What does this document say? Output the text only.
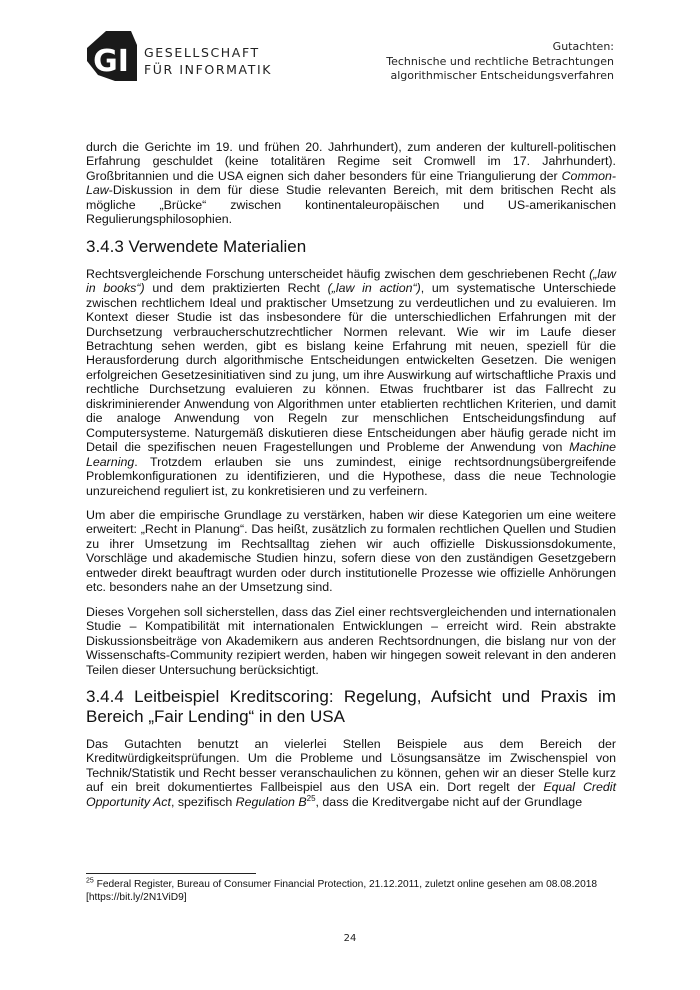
GI GESELLSCHAFT
FÜR INFORMATIK
Gutachten:
Technische und rechtliche Betrachtungen
algorithmischer Entscheidungsverfahren

durch die Gerichte im 19. und frühen 20. Jahrhundert), zum anderen der kulturell-politischen Erfahrung geschuldet (keine totalitären Regime seit Cromwell im 17. Jahrhundert). Großbritannien und die USA eignen sich daher besonders für eine Triangulierung der Common-Law-Diskussion in dem für diese Studie relevanten Bereich, mit dem britischen Recht als mögliche „Brücke“ zwischen kontinentaleuropäischen und US-amerikanischen Regulierungsphilosophien.

3.4.3 Verwendete Materialien

Rechtsvergleichende Forschung unterscheidet häufig zwischen dem geschriebenen Recht („law in books“) und dem praktizierten Recht („law in action“), um systematische Unterschiede zwischen rechtlichem Ideal und praktischer Umsetzung zu verdeutlichen und zu evaluieren. Im Kontext dieser Studie ist das insbesondere für die unterschiedlichen Erfahrungen mit der Durchsetzung verbraucherschutzrechtlicher Normen relevant. Wie wir im Laufe dieser Betrachtung sehen werden, gibt es bislang keine Erfahrung mit neuen, speziell für die Herausforderung durch algorithmische Entscheidungen entwickelten Gesetzen. Die wenigen erfolgreichen Gesetzesinitiativen sind zu jung, um ihre Auswirkung auf wirtschaftliche Praxis und rechtliche Durchsetzung evaluieren zu können. Etwas fruchtbarer ist das Fallrecht zu diskriminierender Anwendung von Algorithmen unter etablierten rechtlichen Kriterien, und damit die analoge Anwendung von Regeln zur menschlichen Entscheidungsfindung auf Computersysteme. Naturgemäß diskutieren diese Entscheidungen aber häufig gerade nicht im Detail die spezifischen neuen Fragestellungen und Probleme der Anwendung von Machine Learning. Trotzdem erlauben sie uns zumindest, einige rechtsordnungsübergreifende Problemkonfigurationen zu identifizieren, und die Hypothese, dass die neue Technologie unzureichend reguliert ist, zu konkretisieren und zu verfeinern.

Um aber die empirische Grundlage zu verstärken, haben wir diese Kategorien um eine weitere erweitert: „Recht in Planung“. Das heißt, zusätzlich zu formalen rechtlichen Quellen und Studien zu ihrer Umsetzung im Rechtsalltag ziehen wir auch offizielle Diskussionsdokumente, Vorschläge und akademische Studien hinzu, sofern diese von den zuständigen Gesetzgebern entweder direkt beauftragt wurden oder durch institutionelle Prozesse wie offizielle Anhörungen etc. besonders nahe an der Umsetzung sind.

Dieses Vorgehen soll sicherstellen, dass das Ziel einer rechtsvergleichenden und internationalen Studie – Kompatibilität mit internationalen Entwicklungen – erreicht wird. Rein abstrakte Diskussionsbeiträge von Akademikern aus anderen Rechtsordnungen, die bislang nur von der Wissenschafts-Community rezipiert werden, haben wir hingegen soweit relevant in den anderen Teilen dieser Untersuchung berücksichtigt.

3.4.4 Leitbeispiel Kreditscoring: Regelung, Aufsicht und Praxis im Bereich „Fair Lending“ in den USA

Das Gutachten benutzt an vielerlei Stellen Beispiele aus dem Bereich der Kreditwürdigkeitsprüfungen. Um die Probleme und Lösungsansätze im Zwischenspiel von Technik/Statistik und Recht besser veranschaulichen zu können, gehen wir an dieser Stelle kurz auf ein breit dokumentiertes Fallbeispiel aus den USA ein. Dort regelt der Equal Credit Opportunity Act, spezifisch Regulation $B^{25}$, dass die Kreditvergabe nicht auf der Grundlage

$^{25}$ Federal Register, Bureau of Consumer Financial Protection, 21.12.2011, zuletzt online gesehen am 08.08.2018 [https://bit.ly/2N1ViD9]
24
